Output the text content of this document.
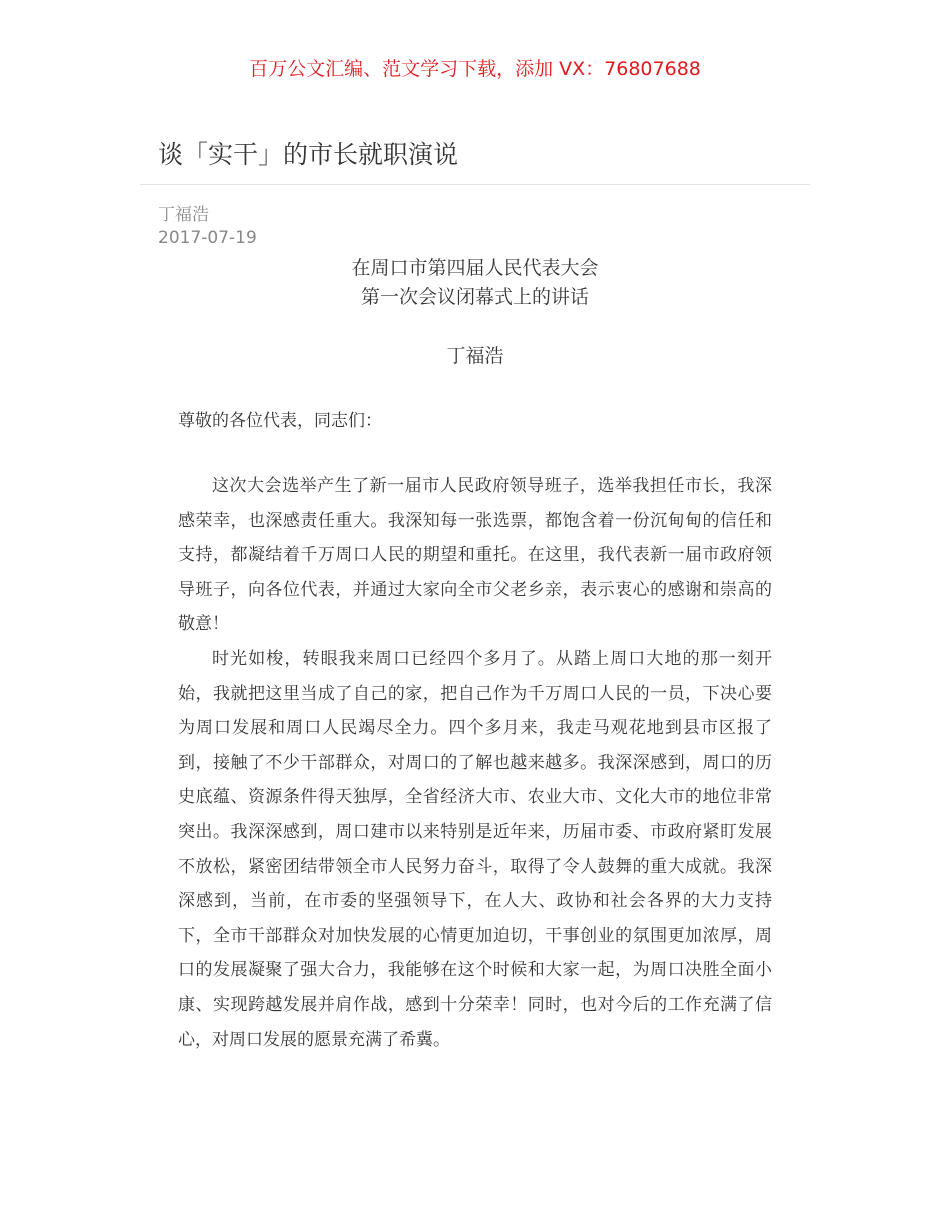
百万公文汇编、范文学习下载，添加 VX：76807688
谈「实干」的市长就职演说
丁福浩
2017-07-19
在周口市第四届人民代表大会
第一次会议闭幕式上的讲话
丁福浩
尊敬的各位代表，同志们：

这次大会选举产生了新一届市人民政府领导班子，选举我担任市长，我深感荣幸，也深感责任重大。我深知每一张选票，都饱含着一份沉甸甸的信任和支持，都凝结着千万周口人民的期望和重托。在这里，我代表新一届市政府领导班子，向各位代表，并通过大家向全市父老乡亲，表示衷心的感谢和崇高的敬意！

时光如梭，转眼我来周口已经四个多月了。从踏上周口大地的那一刻开始，我就把这里当成了自己的家，把自己作为千万周口人民的一员，下决心要为周口发展和周口人民竭尽全力。四个多月来，我走马观花地到县市区报了到，接触了不少干部群众，对周口的了解也越来越多。我深深感到，周口的历史底蕴、资源条件得天独厚，全省经济大市、农业大市、文化大市的地位非常突出。我深深感到，周口建市以来特别是近年来，历届市委、市政府紧盯发展不放松，紧密团结带领全市人民努力奋斗，取得了令人鼓舞的重大成就。我深深感到，当前，在市委的坚强领导下，在人大、政协和社会各界的大力支持下，全市干部群众对加快发展的心情更加迫切，干事创业的氛围更加浓厚，周口的发展凝聚了强大合力，我能够在这个时候和大家一起，为周口决胜全面小康、实现跨越发展并肩作战，感到十分荣幸！同时，也对今后的工作充满了信心，对周口发展的愿景充满了希冀。
